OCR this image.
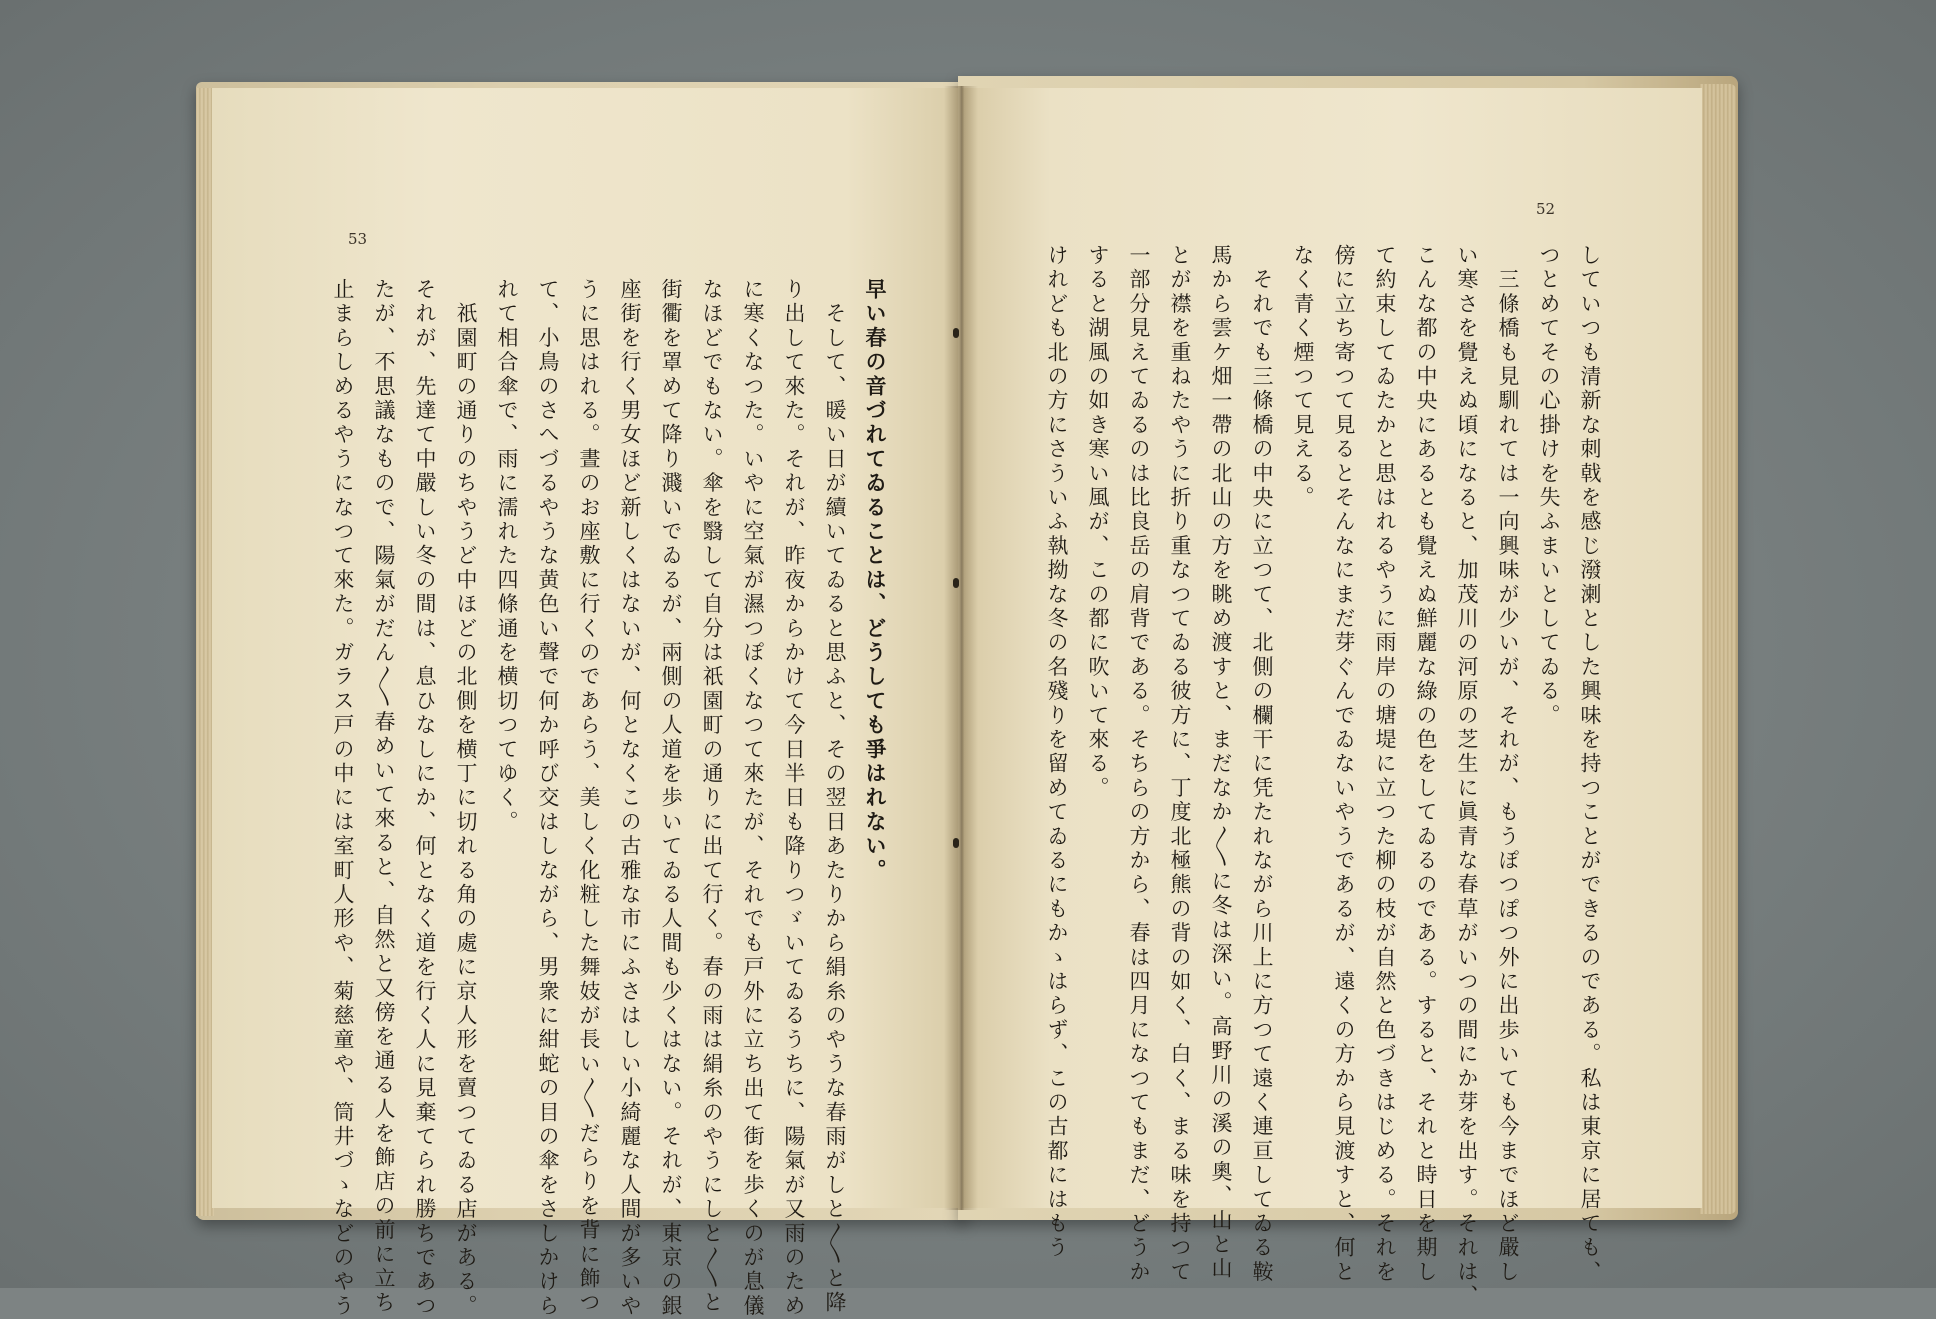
53
早い春の音づれてゐることは、どうしても爭はれない。
　そして、暖い日が續いてゐると思ふと、その翌日あたりから絹糸のやうな春雨がしと〳〵と降
り出して來た。それが、昨夜からかけて今日半日も降りつゞいてゐるうちに、陽氣が又雨のため
に寒くなつた。いやに空氣が濕つぽくなつて來たが、それでも戸外に立ち出て街を歩くのが息儀
なほどでもない。傘を翳して自分は祇園町の通りに出て行く。春の雨は絹糸のやうにしと〳〵と
街衢を罩めて降り濺いでゐるが、兩側の人道を歩いてゐる人間も少くはない。それが、東京の銀
座街を行く男女ほど新しくはないが、何となくこの古雅な市にふさはしい小綺麗な人間が多いや
うに思はれる。晝のお座敷に行くのであらう、美しく化粧した舞妓が長い〳〵だらりを背に飾つ
て、小鳥のさへづるやうな黄色い聲で何か呼び交はしながら、男衆に紺蛇の目の傘をさしかけら
れて相合傘で、雨に濡れた四條通を横切つてゆく。
　祇園町の通りのちやうど中ほどの北側を横丁に切れる角の處に京人形を賣つてゐる店がある。
それが、先達て中嚴しい冬の間は、息ひなしにか、何となく道を行く人に見棄てられ勝ちであつ
たが、不思議なもので、陽氣がだん〳〵春めいて來ると、自然と又傍を通る人を飾店の前に立ち
止まらしめるやうになつて來た。ガラス戸の中には室町人形や、菊慈童や、筒井づゝなどのやう
52
していつも清新な刺戟を感じ潑溂とした興味を持つことができるのである。私は東京に居ても、
つとめてその心掛けを失ふまいとしてゐる。
　三條橋も見馴れては一向興味が少いが、それが、もうぽつぽつ外に出歩いても今までほど嚴し
い寒さを覺えぬ頃になると、加茂川の河原の芝生に眞青な春草がいつの間にか芽を出す。それは、
こんな都の中央にあるとも覺えぬ鮮麗な綠の色をしてゐるのである。すると、それと時日を期し
て約束してゐたかと思はれるやうに雨岸の塘堤に立つた柳の枝が自然と色づきはじめる。それを
傍に立ち寄つて見るとそんなにまだ芽ぐんでゐないやうであるが、遠くの方から見渡すと、何と
なく青く煙つて見える。
　それでも三條橋の中央に立つて、北側の欄干に凭たれながら川上に方つて遠く連亘してゐる鞍
馬から雲ケ畑一帶の北山の方を眺め渡すと、まだなか〳〵に冬は深い。高野川の溪の奧、山と山
とが襟を重ねたやうに折り重なつてゐる彼方に、丁度北極熊の背の如く、白く、まる味を持つて
一部分見えてゐるのは比良岳の肩背である。そちらの方から、春は四月になつてもまだ、どうか
すると湖風の如き寒い風が、この都に吹いて來る。
けれども北の方にさういふ執拗な冬の名殘りを留めてゐるにもかゝはらず、この古都にはもう
